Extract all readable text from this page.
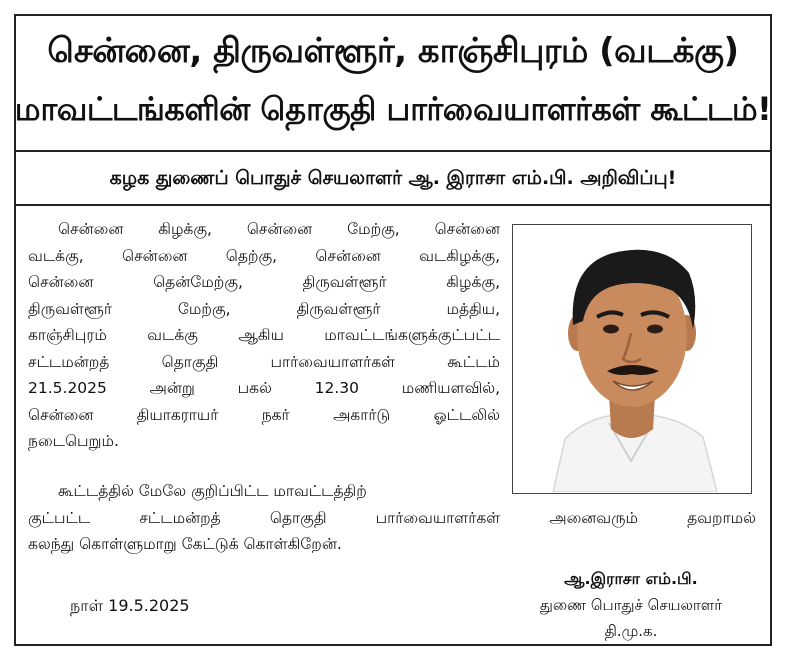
சென்னை, திருவள்ளூர், காஞ்சிபுரம் (வடக்கு)

மாவட்டங்களின் தொகுதி பார்வையாளர்கள் கூட்டம்!

கழக துணைப் பொதுச் செயலாளர் ஆ. இராசா எம்.பி. அறிவிப்பு!

சென்னை கிழக்கு, சென்னை மேற்கு, சென்னை
வடக்கு, சென்னை தெற்கு, சென்னை வடகிழக்கு,
சென்னை தென்மேற்கு, திருவள்ளூர் கிழக்கு,
திருவள்ளூர் மேற்கு, திருவள்ளூர் மத்திய,
காஞ்சிபுரம் வடக்கு ஆகிய மாவட்டங்களுக்குட்பட்ட
சட்டமன்றத் தொகுதி பார்வையாளர்கள் கூட்டம்
21.5.2025 அன்று பகல் 12.30 மணியளவில்,
சென்னை தியாகராயர் நகர் அகார்டு ஓட்டலில்
நடைபெறும்.
கூட்டத்தில் மேலே குறிப்பிட்ட மாவட்டத்திற்
குட்பட்ட சட்டமன்றத் தொகுதி பார்வையாளர்கள் அனைவரும் தவறாமல்
கலந்து கொள்ளுமாறு கேட்டுக் கொள்கிறேன்.
நாள் 19.5.2025
ஆ.இராசா எம்.பி.
துணை பொதுச் செயலாளர்
தி.மு.க.
